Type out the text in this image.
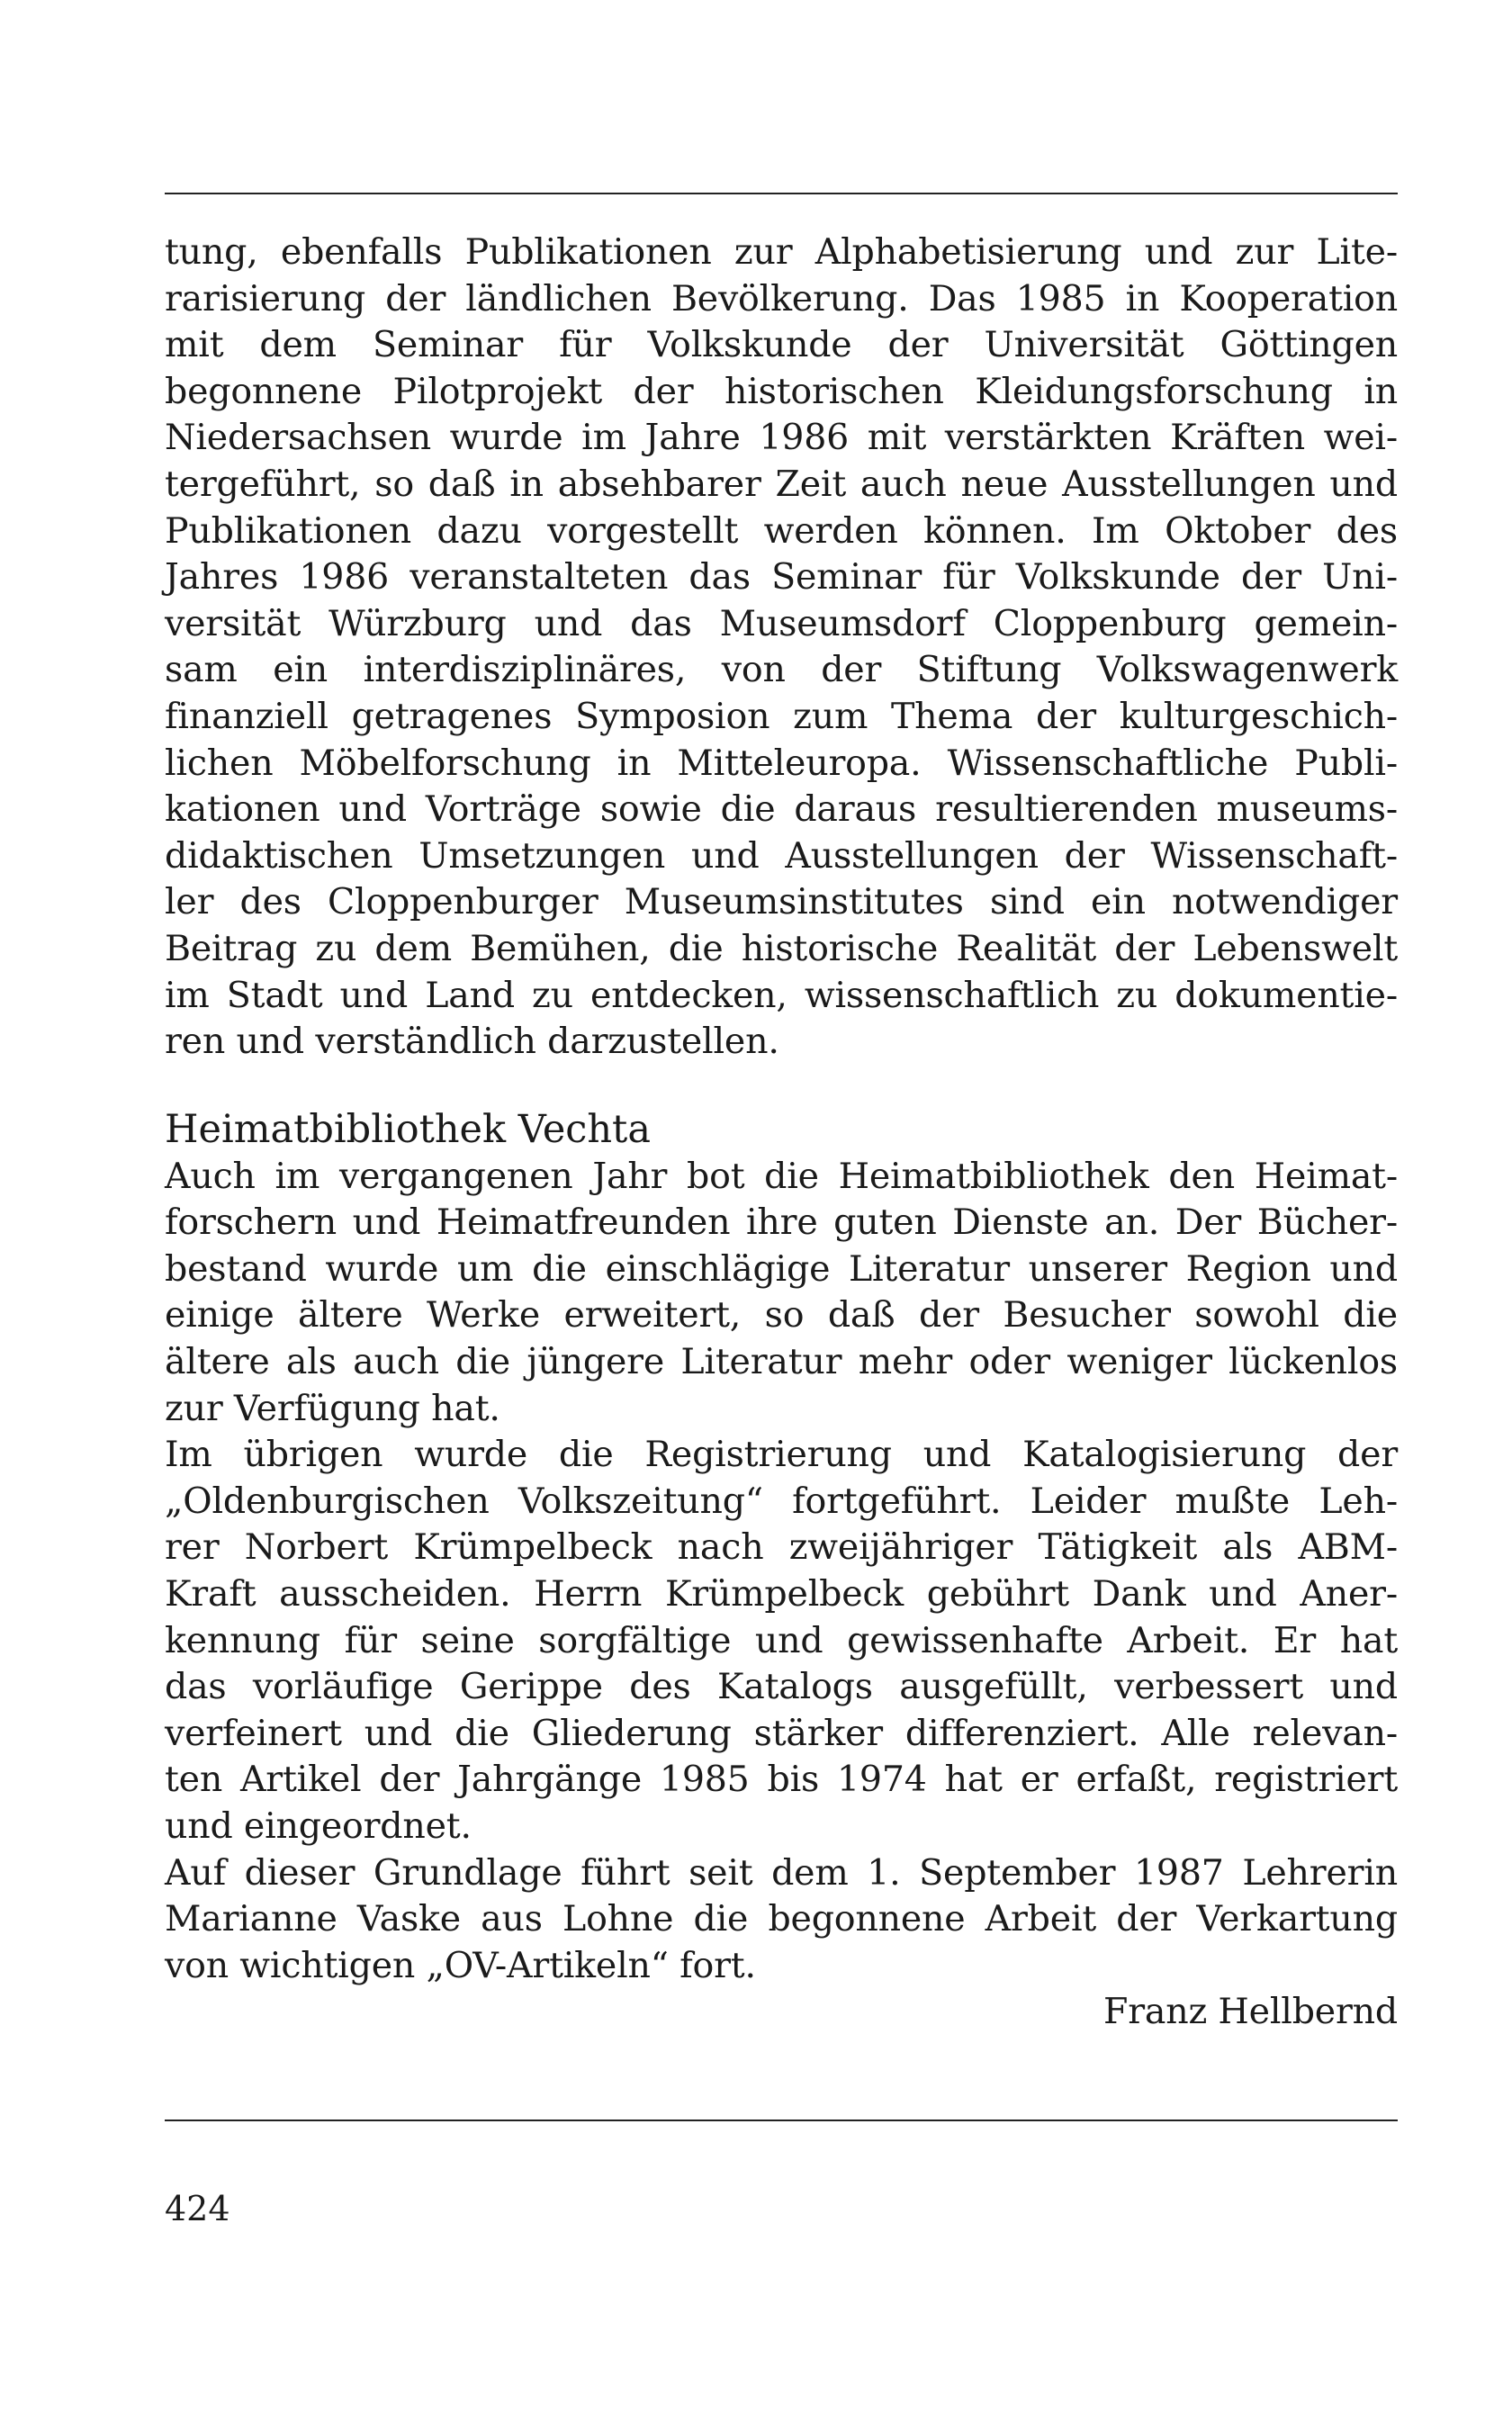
tung, ebenfalls Publikationen zur Alphabetisierung und zur Lite-
rarisierung der ländlichen Bevölkerung. Das 1985 in Kooperation
mit dem Seminar für Volkskunde der Universität Göttingen
begonnene Pilotprojekt der historischen Kleidungsforschung in
Niedersachsen wurde im Jahre 1986 mit verstärkten Kräften wei-
tergeführt, so daß in absehbarer Zeit auch neue Ausstellungen und
Publikationen dazu vorgestellt werden können. Im Oktober des
Jahres 1986 veranstalteten das Seminar für Volkskunde der Uni-
versität Würzburg und das Museumsdorf Cloppenburg gemein-
sam ein interdisziplinäres, von der Stiftung Volkswagenwerk
finanziell getragenes Symposion zum Thema der kulturgeschich-
lichen Möbelforschung in Mitteleuropa. Wissenschaftliche Publi-
kationen und Vorträge sowie die daraus resultierenden museums-
didaktischen Umsetzungen und Ausstellungen der Wissenschaft-
ler des Cloppenburger Museumsinstitutes sind ein notwendiger
Beitrag zu dem Bemühen, die historische Realität der Lebenswelt
im Stadt und Land zu entdecken, wissenschaftlich zu dokumentie-
ren und verständlich darzustellen.
Heimatbibliothek Vechta
Auch im vergangenen Jahr bot die Heimatbibliothek den Heimat-
forschern und Heimatfreunden ihre guten Dienste an. Der Bücher-
bestand wurde um die einschlägige Literatur unserer Region und
einige ältere Werke erweitert, so daß der Besucher sowohl die
ältere als auch die jüngere Literatur mehr oder weniger lückenlos
zur Verfügung hat.
Im übrigen wurde die Registrierung und Katalogisierung der
„Oldenburgischen Volkszeitung“ fortgeführt. Leider mußte Leh-
rer Norbert Krümpelbeck nach zweijähriger Tätigkeit als ABM-
Kraft ausscheiden. Herrn Krümpelbeck gebührt Dank und Aner-
kennung für seine sorgfältige und gewissenhafte Arbeit. Er hat
das vorläufige Gerippe des Katalogs ausgefüllt, verbessert und
verfeinert und die Gliederung stärker differenziert. Alle relevan-
ten Artikel der Jahrgänge 1985 bis 1974 hat er erfaßt, registriert
und eingeordnet.
Auf dieser Grundlage führt seit dem 1. September 1987 Lehrerin
Marianne Vaske aus Lohne die begonnene Arbeit der Verkartung
von wichtigen „OV-Artikeln“ fort.
Franz Hellbernd
424
